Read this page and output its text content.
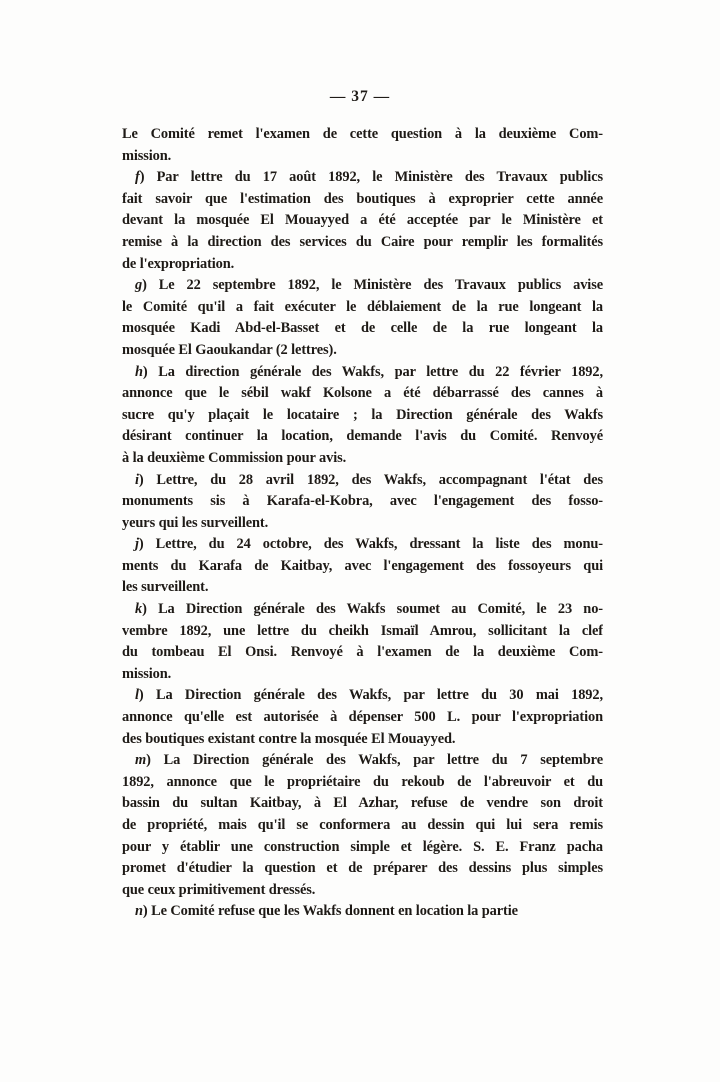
— 37 —
Le Comité remet l'examen de cette question à la deuxième Com-
mission.
f) Par lettre du 17 août 1892, le Ministère des Travaux publics
fait savoir que l'estimation des boutiques à exproprier cette année
devant la mosquée El Mouayyed a été acceptée par le Ministère et
remise à la direction des services du Caire pour remplir les formalités
de l'expropriation.
g) Le 22 septembre 1892, le Ministère des Travaux publics avise
le Comité qu'il a fait exécuter le déblaiement de la rue longeant la
mosquée Kadi Abd-el-Basset et de celle de la rue longeant la
mosquée El Gaoukandar (2 lettres).
h) La direction générale des Wakfs, par lettre du 22 février 1892,
annonce que le sébil wakf Kolsone a été débarrassé des cannes à
sucre qu'y plaçait le locataire ; la Direction générale des Wakfs
désirant continuer la location, demande l'avis du Comité. Renvoyé
à la deuxième Commission pour avis.
i) Lettre, du 28 avril 1892, des Wakfs, accompagnant l'état des
monuments sis à Karafa-el-Kobra, avec l'engagement des fosso-
yeurs qui les surveillent.
j) Lettre, du 24 octobre, des Wakfs, dressant la liste des monu-
ments du Karafa de Kaitbay, avec l'engagement des fossoyeurs qui
les surveillent.
k) La Direction générale des Wakfs soumet au Comité, le 23 no-
vembre 1892, une lettre du cheikh Ismaïl Amrou, sollicitant la clef
du tombeau El Onsi. Renvoyé à l'examen de la deuxième Com-
mission.
l) La Direction générale des Wakfs, par lettre du 30 mai 1892,
annonce qu'elle est autorisée à dépenser 500 L. pour l'expropriation
des boutiques existant contre la mosquée El Mouayyed.
m) La Direction générale des Wakfs, par lettre du 7 septembre
1892, annonce que le propriétaire du rekoub de l'abreuvoir et du
bassin du sultan Kaitbay, à El Azhar, refuse de vendre son droit
de propriété, mais qu'il se conformera au dessin qui lui sera remis
pour y établir une construction simple et légère. S. E. Franz pacha
promet d'étudier la question et de préparer des dessins plus simples
que ceux primitivement dressés.
n) Le Comité refuse que les Wakfs donnent en location la partie
